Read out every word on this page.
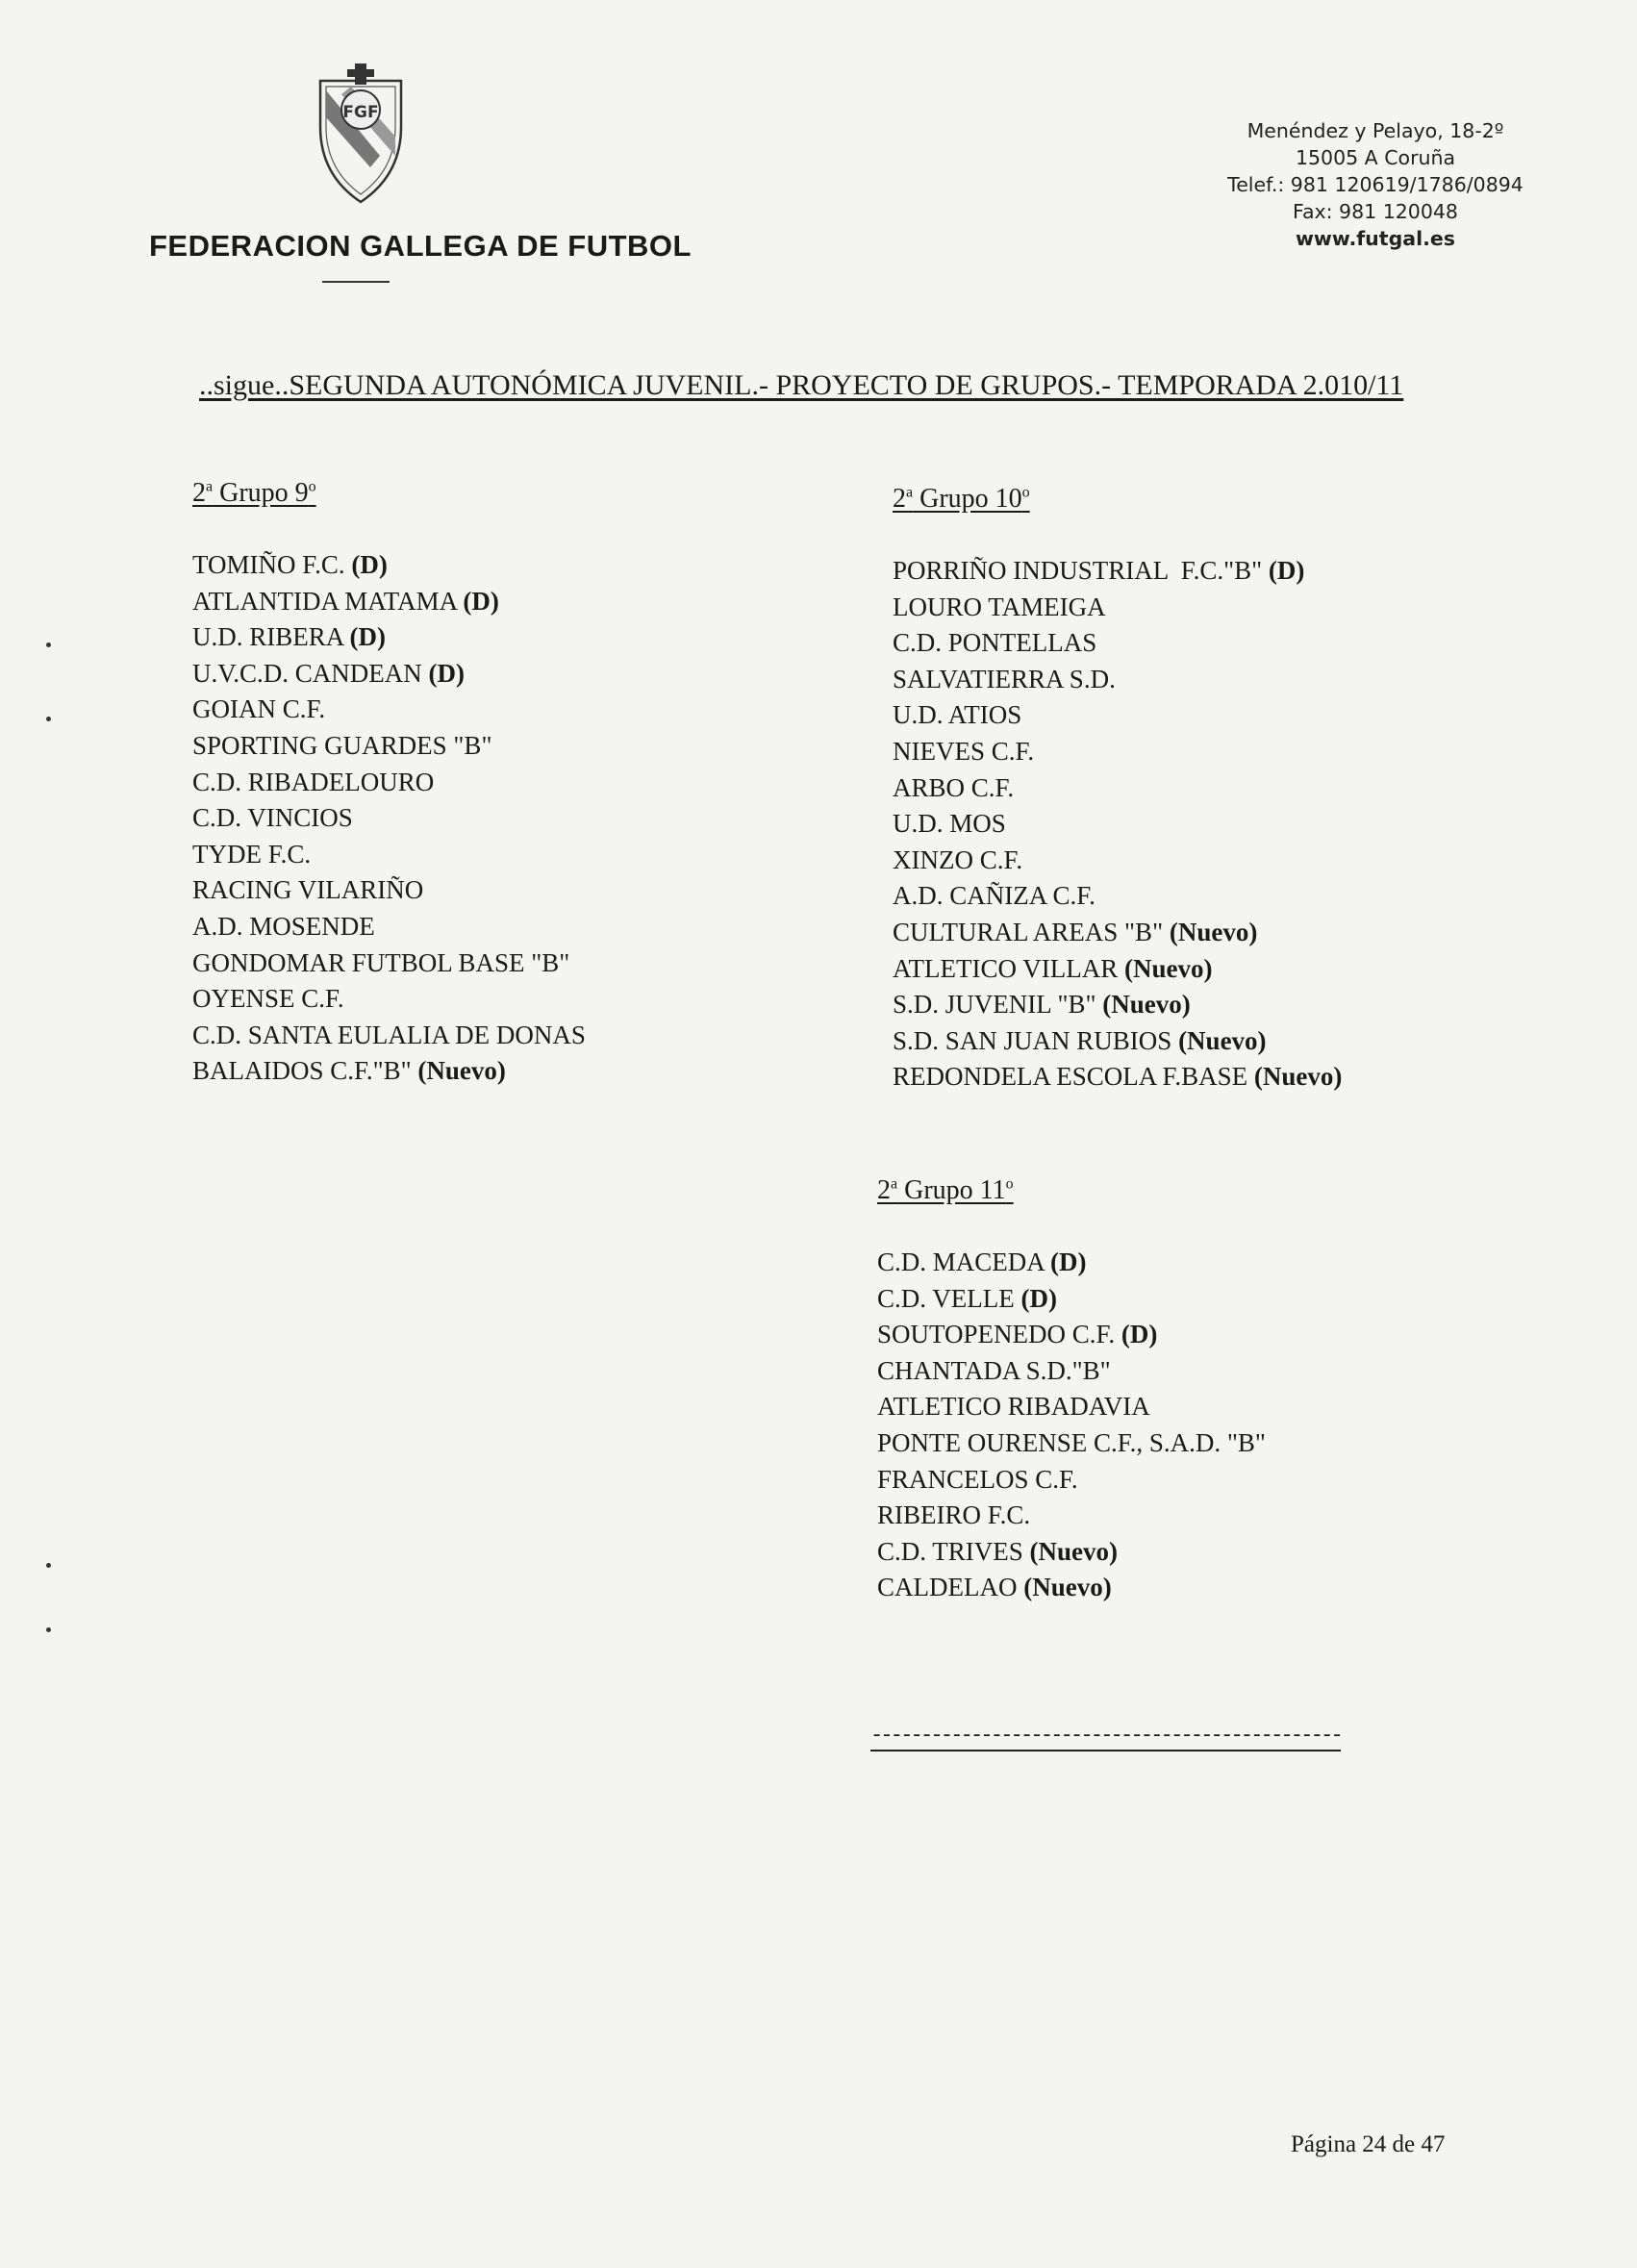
FGF
FEDERACION GALLEGA DE FUTBOL
Menéndez y Pelayo, 18-2º
15005 A Coruña
Telef.: 981 120619/1786/0894
Fax: 981 120048
www.futgal.es
..sigue..SEGUNDA AUTONÓMICA JUVENIL.- PROYECTO DE GRUPOS.- TEMPORADA 2.010/11
2$^a$ Grupo 9$^o$
TOMIÑO F.C. (D)
ATLANTIDA MATAMA (D)
U.D. RIBERA (D)
U.V.C.D. CANDEAN (D)
GOIAN C.F.
SPORTING GUARDES "B"
C.D. RIBADELOURO
C.D. VINCIOS
TYDE F.C.
RACING VILARIÑO
A.D. MOSENDE
GONDOMAR FUTBOL BASE "B"
OYENSE C.F.
C.D. SANTA EULALIA DE DONAS
BALAIDOS C.F."B" (Nuevo)
2$^a$ Grupo 10$^o$
PORRIÑO INDUSTRIAL  F.C."B" (D)
LOURO TAMEIGA
C.D. PONTELLAS
SALVATIERRA S.D.
U.D. ATIOS
NIEVES C.F.
ARBO C.F.
U.D. MOS
XINZO C.F.
A.D. CAÑIZA C.F.
CULTURAL AREAS "B" (Nuevo)
ATLETICO VILLAR (Nuevo)
S.D. JUVENIL "B" (Nuevo)
S.D. SAN JUAN RUBIOS (Nuevo)
REDONDELA ESCOLA F.BASE (Nuevo)
2$^a$ Grupo 11$^o$
C.D. MACEDA (D)
C.D. VELLE (D)
SOUTOPENEDO C.F. (D)
CHANTADA S.D."B"
ATLETICO RIBADAVIA
PONTE OURENSE C.F., S.A.D. "B"
FRANCELOS C.F.
RIBEIRO F.C.
C.D. TRIVES (Nuevo)
CALDELAO (Nuevo)
-----------------------------------------------
Página 24 de 47
